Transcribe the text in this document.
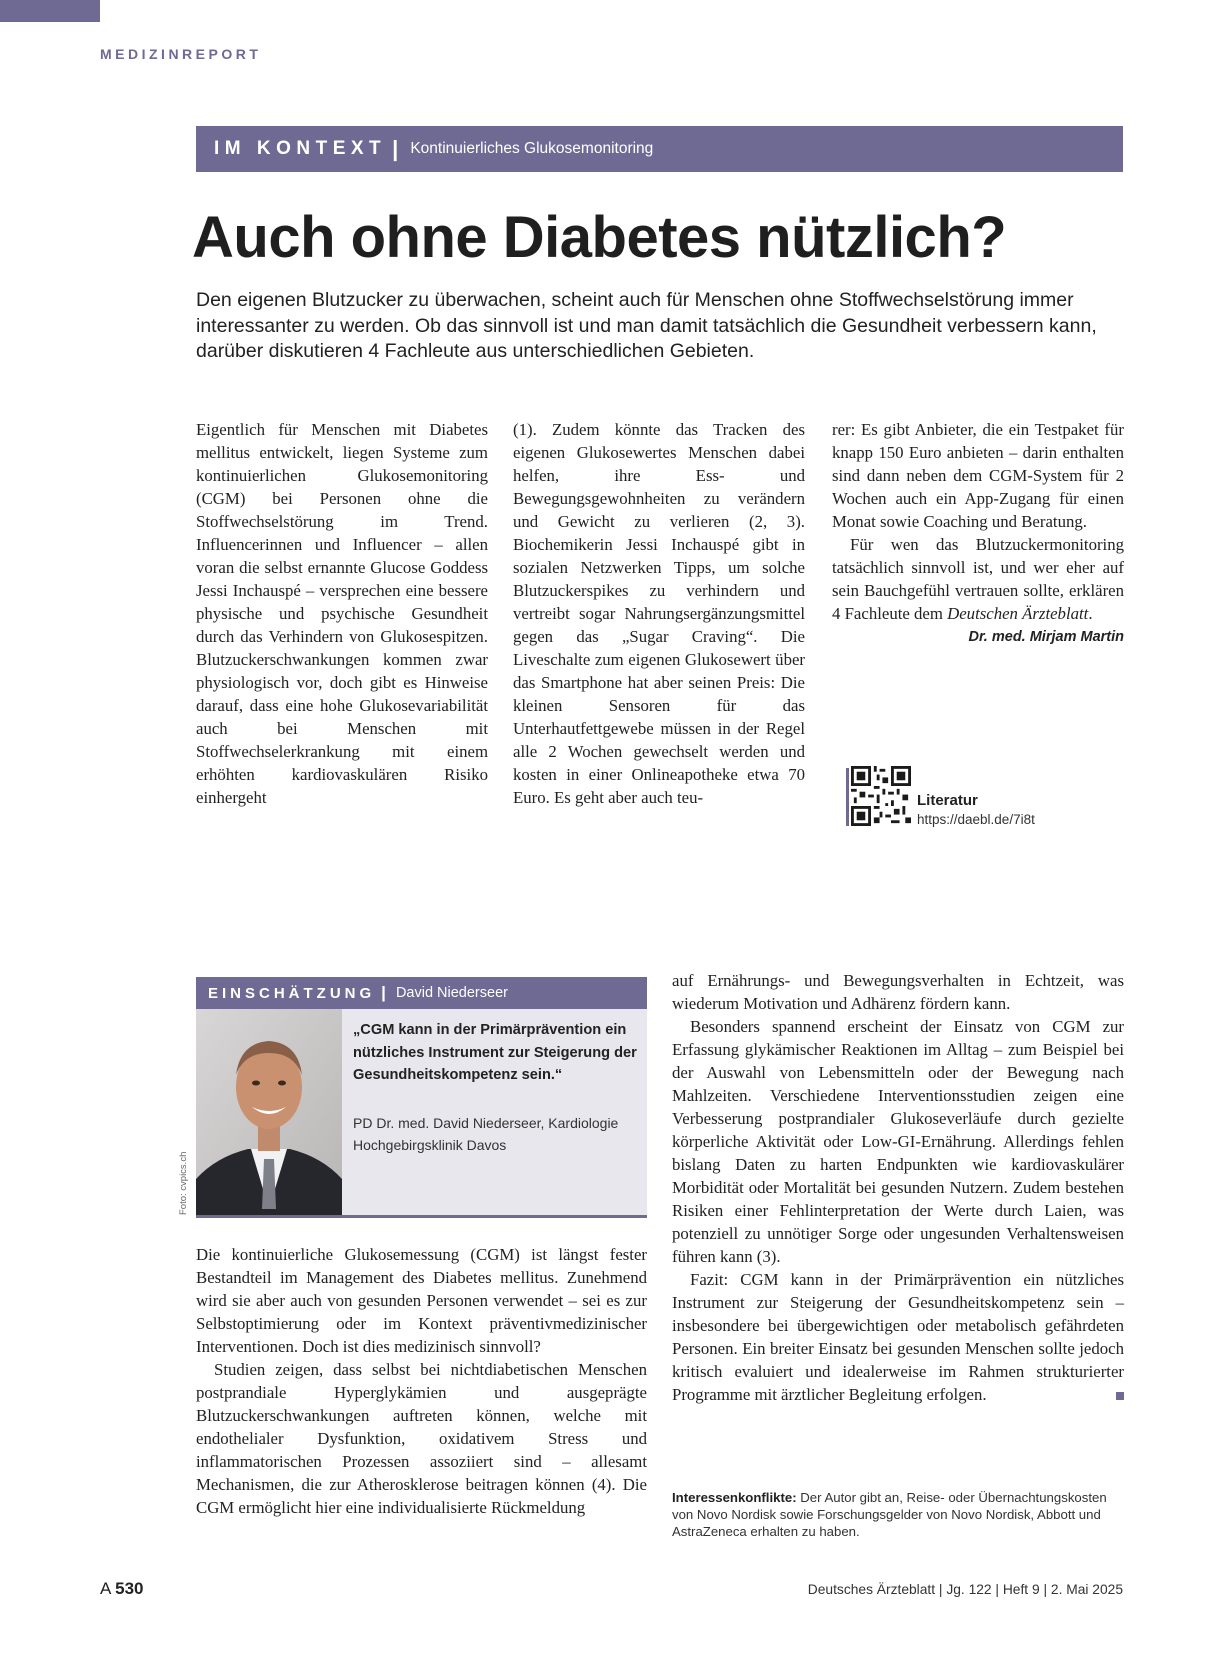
MEDIZINREPORT
IM KONTEXT | Kontinuierliches Glukosemonitoring
Auch ohne Diabetes nützlich?

Den eigenen Blutzucker zu überwachen, scheint auch für Menschen ohne Stoffwechselstörung immer interessanter zu werden. Ob das sinnvoll ist und man damit tatsächlich die Gesundheit verbessern kann, darüber diskutieren 4 Fachleute aus unterschiedlichen Gebieten.

Eigentlich für Menschen mit Diabetes mellitus entwickelt, liegen Systeme zum kontinuierlichen Glukosemonitoring (CGM) bei Personen ohne die Stoffwechselstörung im Trend. Influencerinnen und Influencer – allen voran die selbst ernannte Glucose Goddess Jessi Inchauspé – versprechen eine bessere physische und psychische Gesundheit durch das Verhindern von Glukosespitzen. Blutzuckerschwankungen kommen zwar physiologisch vor, doch gibt es Hinweise darauf, dass eine hohe Glukosevariabilität auch bei Menschen mit Stoffwechselerkrankung mit einem erhöhten kardiovaskulären Risiko einhergeht

(1). Zudem könnte das Tracken des eigenen Glukosewertes Menschen dabei helfen, ihre Ess- und Bewegungsgewohnheiten zu verändern und Gewicht zu verlieren (2, 3). Biochemikerin Jessi Inchauspé gibt in sozialen Netzwerken Tipps, um solche Blutzuckerspikes zu verhindern und vertreibt sogar Nahrungsergänzungsmittel gegen das „Sugar Craving“. Die Liveschalte zum eigenen Glukosewert über das Smartphone hat aber seinen Preis: Die kleinen Sensoren für das Unterhautfettgewebe müssen in der Regel alle 2 Wochen gewechselt werden und kosten in einer Onlineapotheke etwa 70 Euro. Es geht aber auch teu-

rer: Es gibt Anbieter, die ein Testpaket für knapp 150 Euro anbieten – darin enthalten sind dann neben dem CGM-System für 2 Wochen auch ein App-Zugang für einen Monat sowie Coaching und Beratung.

Für wen das Blutzuckermonitoring tatsächlich sinnvoll ist, und wer eher auf sein Bauchgefühl vertrauen sollte, erklären 4 Fachleute dem Deutschen Ärzteblatt.

Dr. med. Mirjam Martin
Literatur
https://daebl.de/7i8t
EINSCHÄTZUNG | David Niederseer
„CGM kann in der Primärprävention ein nützliches Instrument zur Steigerung der Gesundheitskompetenz sein.“
PD Dr. med. David Niederseer, Kardiologie
Hochgebirgsklinik Davos
Foto: cvpics.ch

Die kontinuierliche Glukosemessung (CGM) ist längst fester Bestandteil im Management des Diabetes mellitus. Zunehmend wird sie aber auch von gesunden Personen verwendet – sei es zur Selbstoptimierung oder im Kontext präventivmedizinischer Interventionen. Doch ist dies medizinisch sinnvoll?

Studien zeigen, dass selbst bei nichtdiabetischen Menschen postprandiale Hyperglykämien und ausgeprägte Blutzuckerschwankungen auftreten können, welche mit endothelialer Dysfunktion, oxidativem Stress und inflammatorischen Prozessen assoziiert sind – allesamt Mechanismen, die zur Atherosklerose beitragen können (4). Die CGM ermöglicht hier eine individualisierte Rückmeldung

auf Ernährungs- und Bewegungsverhalten in Echtzeit, was wiederum Motivation und Adhärenz fördern kann.

Besonders spannend erscheint der Einsatz von CGM zur Erfassung glykämischer Reaktionen im Alltag – zum Beispiel bei der Auswahl von Lebensmitteln oder der Bewegung nach Mahlzeiten. Verschiedene Interventionsstudien zeigen eine Verbesserung postprandialer Glukoseverläufe durch gezielte körperliche Aktivität oder Low-GI-Ernährung. Allerdings fehlen bislang Daten zu harten Endpunkten wie kardiovaskulärer Morbidität oder Mortalität bei gesunden Nutzern. Zudem bestehen Risiken einer Fehlinterpretation der Werte durch Laien, was potenziell zu unnötiger Sorge oder ungesunden Verhaltensweisen führen kann (3).

Fazit: CGM kann in der Primärprävention ein nützliches Instrument zur Steigerung der Gesundheitskompetenz sein – insbesondere bei übergewichtigen oder metabolisch gefährdeten Personen. Ein breiter Einsatz bei gesunden Menschen sollte jedoch kritisch evaluiert und idealerweise im Rahmen strukturierter Programme mit ärztlicher Begleitung erfolgen.

Interessenkonflikte: Der Autor gibt an, Reise- oder Übernachtungskosten von Novo Nordisk sowie Forschungsgelder von Novo Nordisk, Abbott und AstraZeneca erhalten zu haben.
A 530	Deutsches Ärzteblatt | Jg. 122 | Heft 9 | 2. Mai 2025
